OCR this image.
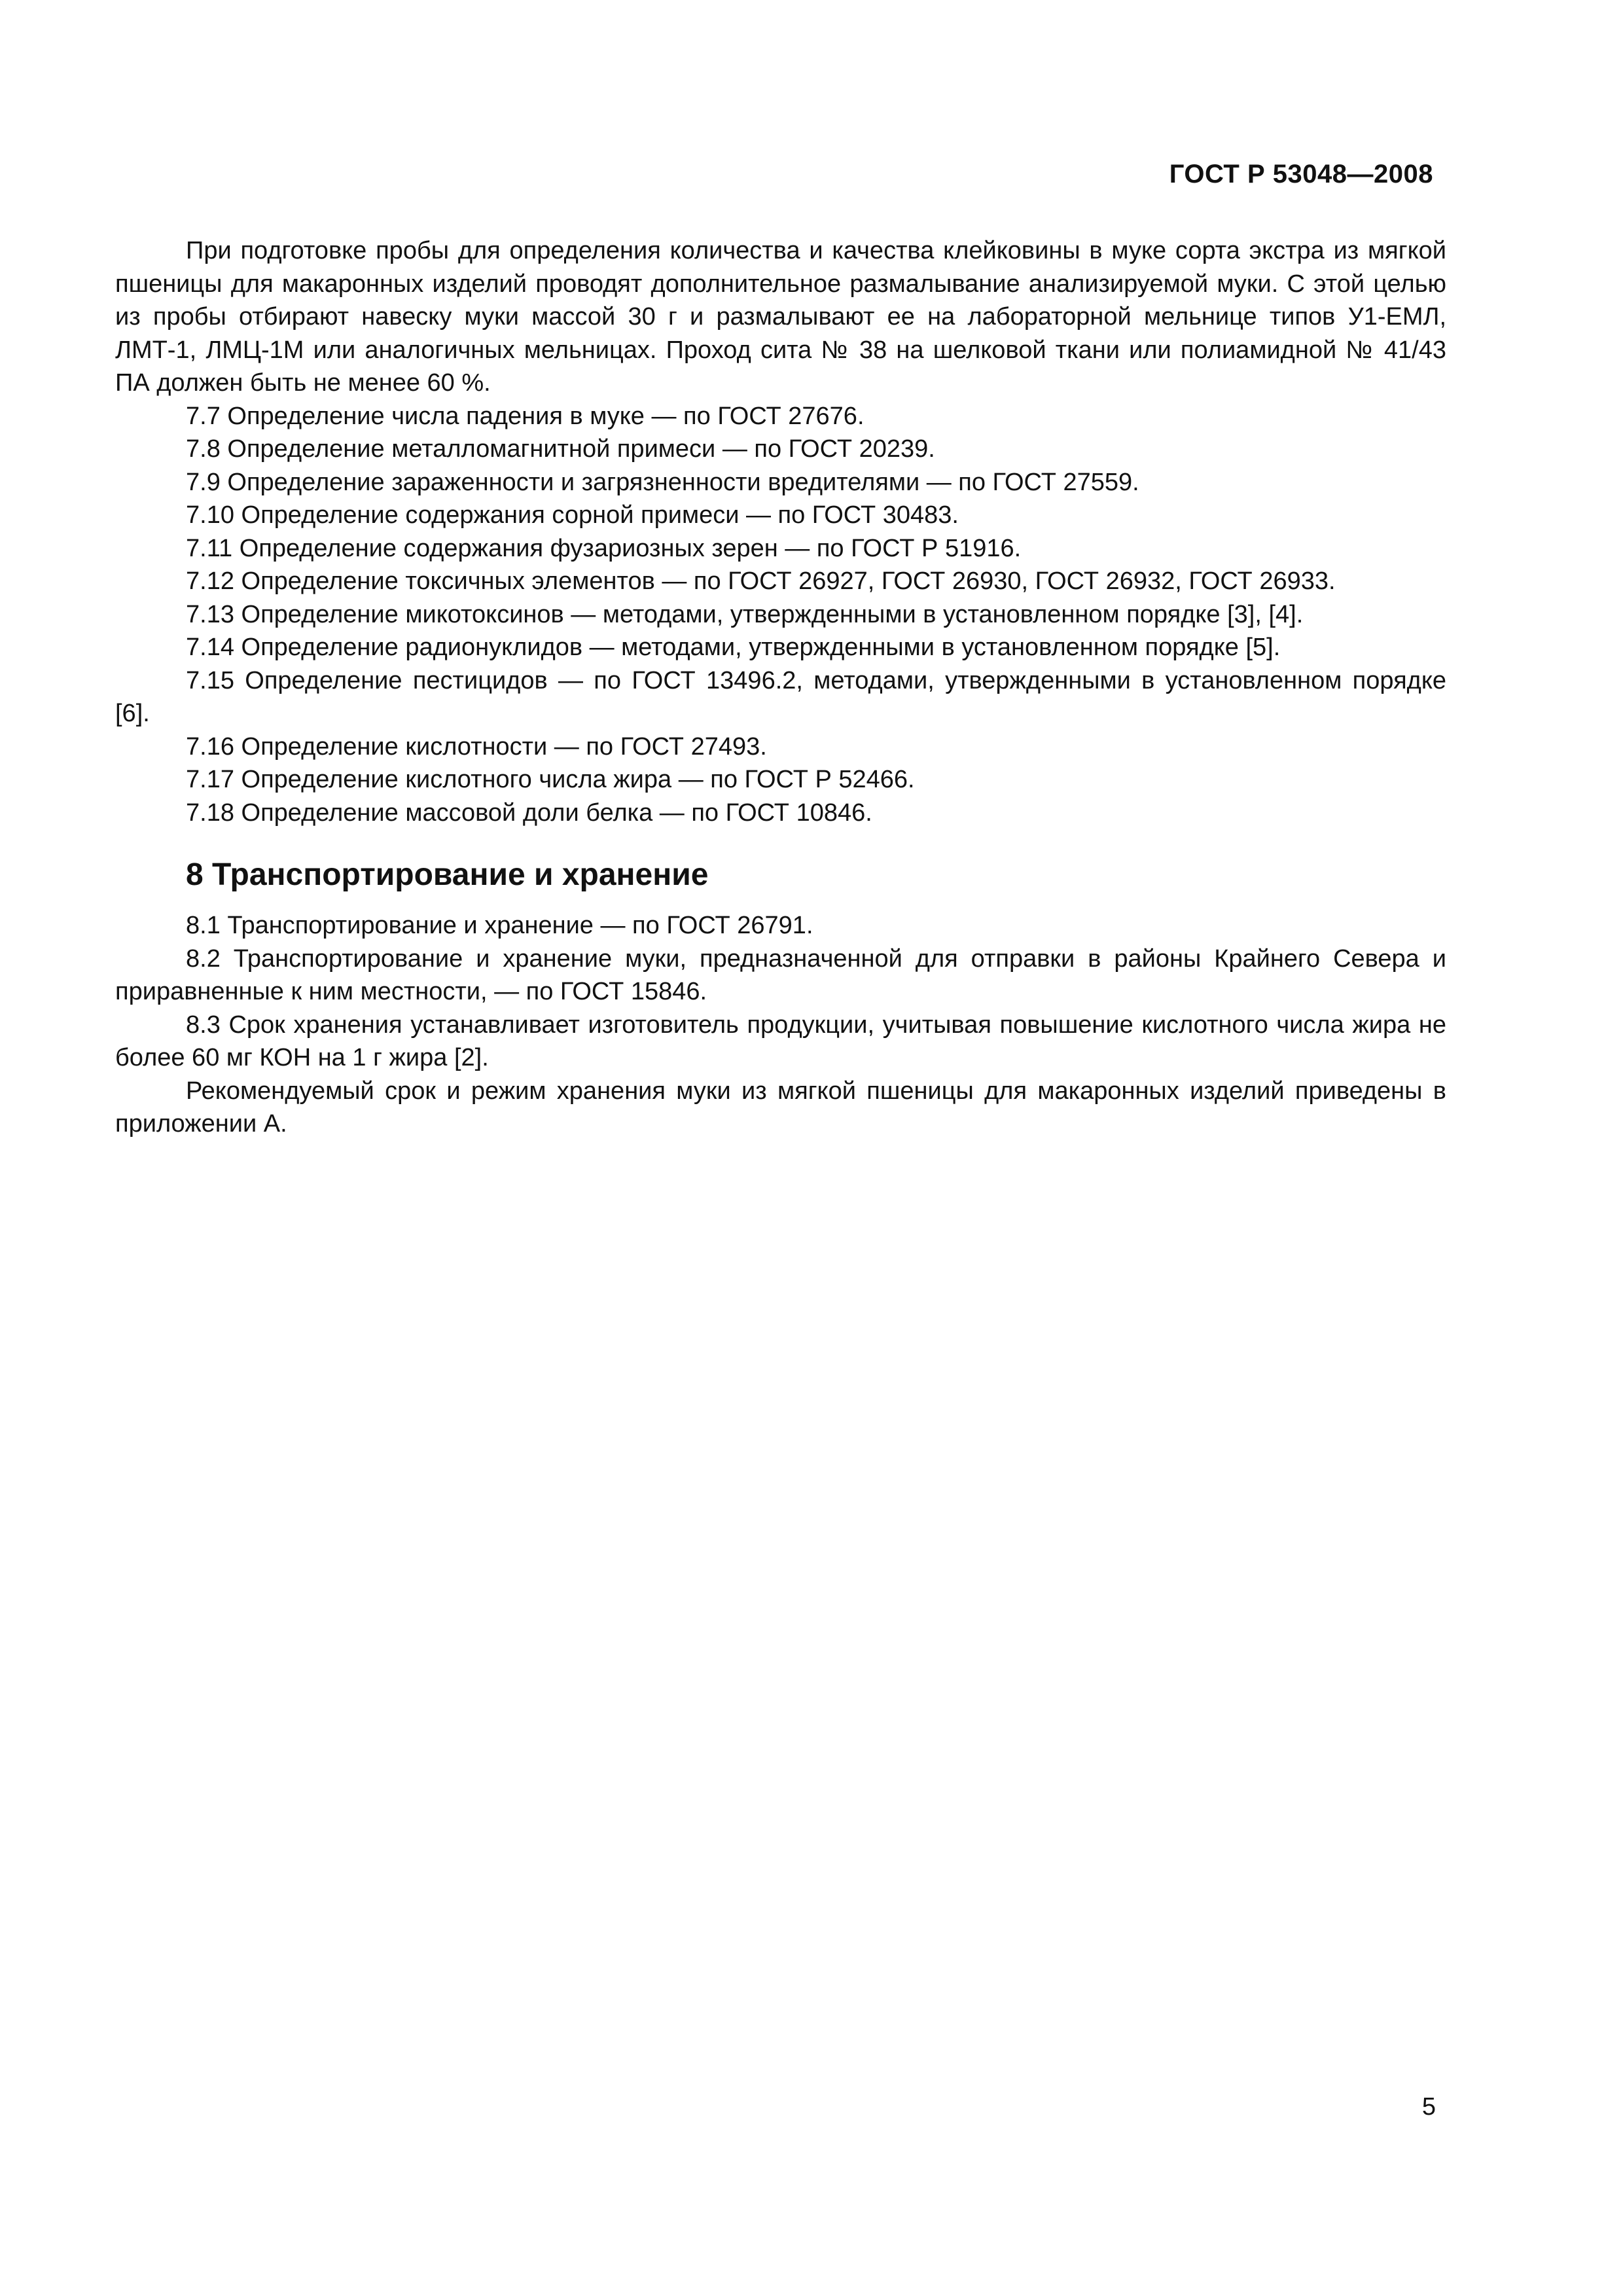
ГОСТ Р 53048—2008

При подготовке пробы для определения количества и качества клейковины в муке сорта экстра из мягкой пшеницы для макаронных изделий проводят дополнительное размалывание анализируемой муки. С этой целью из пробы отбирают навеску муки массой 30 г и размалывают ее на лабораторной мельнице типов У1-ЕМЛ, ЛМТ-1, ЛМЦ-1М или аналогичных мельницах. Проход сита № 38 на шелковой ткани или полиамидной № 41/43 ПА должен быть не менее 60 %.

7.7 Определение числа падения в муке — по ГОСТ 27676.

7.8 Определение металломагнитной примеси — по ГОСТ 20239.

7.9 Определение зараженности и загрязненности вредителями — по ГОСТ 27559.

7.10 Определение содержания сорной примеси — по ГОСТ 30483.

7.11 Определение содержания фузариозных зерен — по ГОСТ Р 51916.

7.12 Определение токсичных элементов — по ГОСТ 26927, ГОСТ 26930, ГОСТ 26932, ГОСТ 26933.

7.13 Определение микотоксинов — методами, утвержденными в установленном порядке [3], [4].

7.14 Определение радионуклидов — методами, утвержденными в установленном порядке [5].

7.15 Определение пестицидов — по ГОСТ 13496.2, методами, утвержденными в установленном порядке [6].

7.16 Определение кислотности — по ГОСТ 27493.

7.17 Определение кислотного числа жира — по ГОСТ Р 52466.

7.18 Определение массовой доли белка — по ГОСТ 10846.

8 Транспортирование и хранение

8.1 Транспортирование и хранение — по ГОСТ 26791.

8.2 Транспортирование и хранение муки, предназначенной для отправки в районы Крайнего Севера и приравненные к ним местности, — по ГОСТ 15846.

8.3 Срок хранения устанавливает изготовитель продукции, учитывая повышение кислотного числа жира не более 60 мг КОН на 1 г жира [2].

Рекомендуемый срок и режим хранения муки из мягкой пшеницы для макаронных изделий приведены в приложении А.

5
